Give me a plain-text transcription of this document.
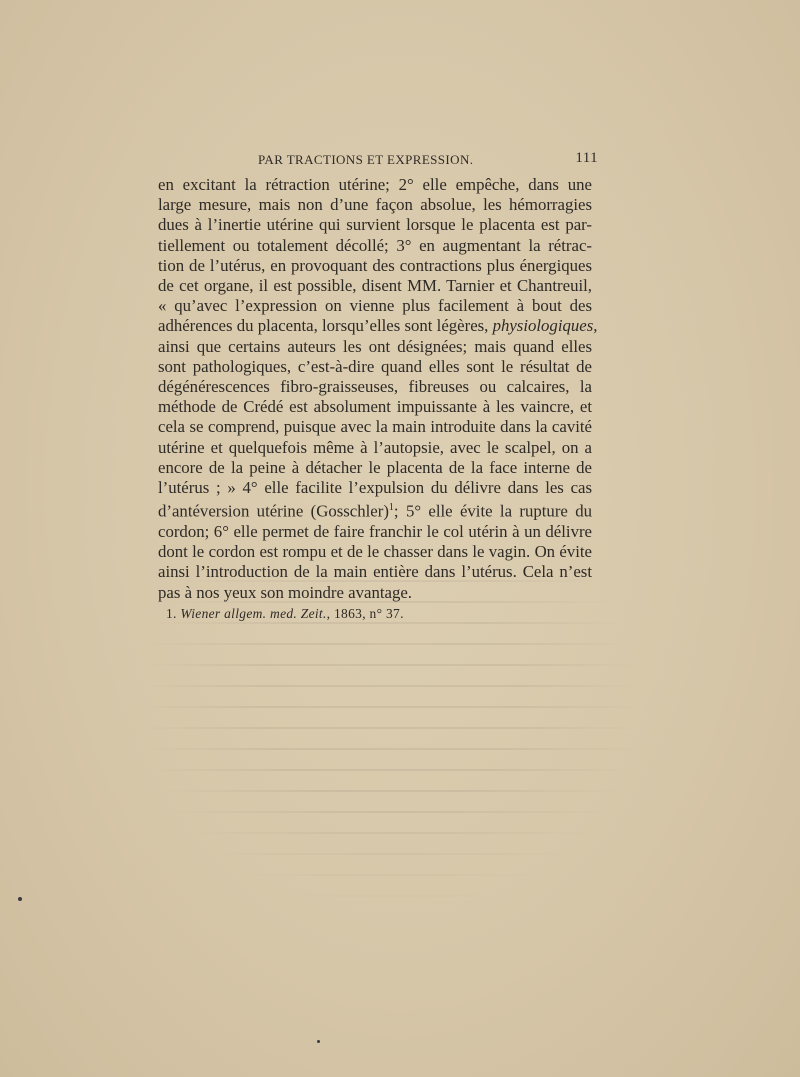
PAR TRACTIONS ET EXPRESSION.	111
en excitant la rétraction utérine; 2° elle empêche, dans une
large mesure, mais non d’une façon absolue, les hémorragies
dues à l’inertie utérine qui survient lorsque le placenta est par-
tiellement ou totalement décollé; 3° en augmentant la rétrac-
tion de l’utérus, en provoquant des contractions plus énergiques
de cet organe, il est possible, disent MM. Tarnier et Chantreuil,
« qu’avec l’expression on vienne plus facilement à bout des
adhérences du placenta, lorsqu’elles sont légères, physiologiques,
ainsi que certains auteurs les ont désignées; mais quand elles
sont pathologiques, c’est-à-dire quand elles sont le résultat de
dégénérescences fibro-graisseuses, fibreuses ou calcaires, la
méthode de Crédé est absolument impuissante à les vaincre, et
cela se comprend, puisque avec la main introduite dans la cavité
utérine et quelquefois même à l’autopsie, avec le scalpel, on a
encore de la peine à détacher le placenta de la face interne de
l’utérus ; » 4° elle facilite l’expulsion du délivre dans les cas
d’antéversion utérine (Gosschler)$^1$; 5° elle évite la rupture du
cordon; 6° elle permet de faire franchir le col utérin à un délivre
dont le cordon est rompu et de le chasser dans le vagin. On évite
ainsi l’introduction de la main entière dans l’utérus. Cela n’est
pas à nos yeux son moindre avantage.
1. Wiener allgem. med. Zeit., 1863, n° 37.
